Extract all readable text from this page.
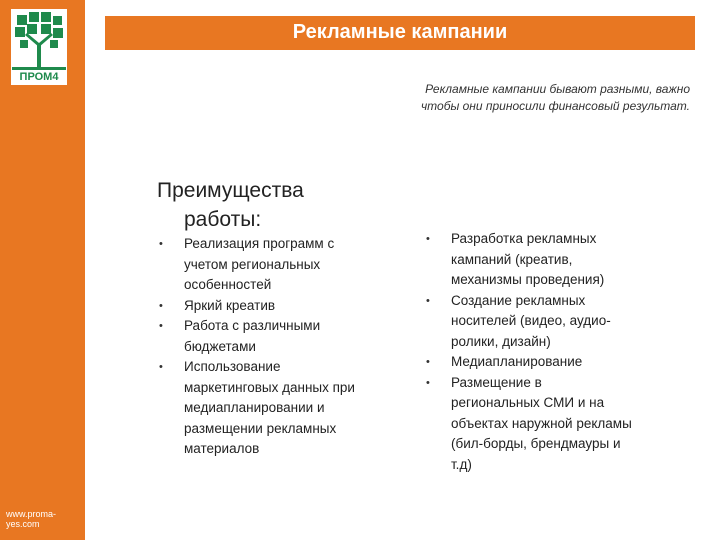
ПРОМ4
www.proma-yes.com
Рекламные кампании
Рекламные кампании бывают разными, важно
чтобы они приносили финансовый результат.
Преимущества
работы:
• Реализация программ с
учетом региональных
особенностей
• Яркий креатив
• Работа с различными
бюджетами
• Использование
маркетинговых данных при
медиапланировании и
размещении рекламных
материалов
• Разработка рекламных
кампаний (креатив,
механизмы проведения)
• Создание рекламных
носителей (видео, аудио-
ролики, дизайн)
• Медиапланирование
• Размещение в
региональных СМИ и на
объектах наружной рекламы
(бил-борды, брендмауры и
т.д)
